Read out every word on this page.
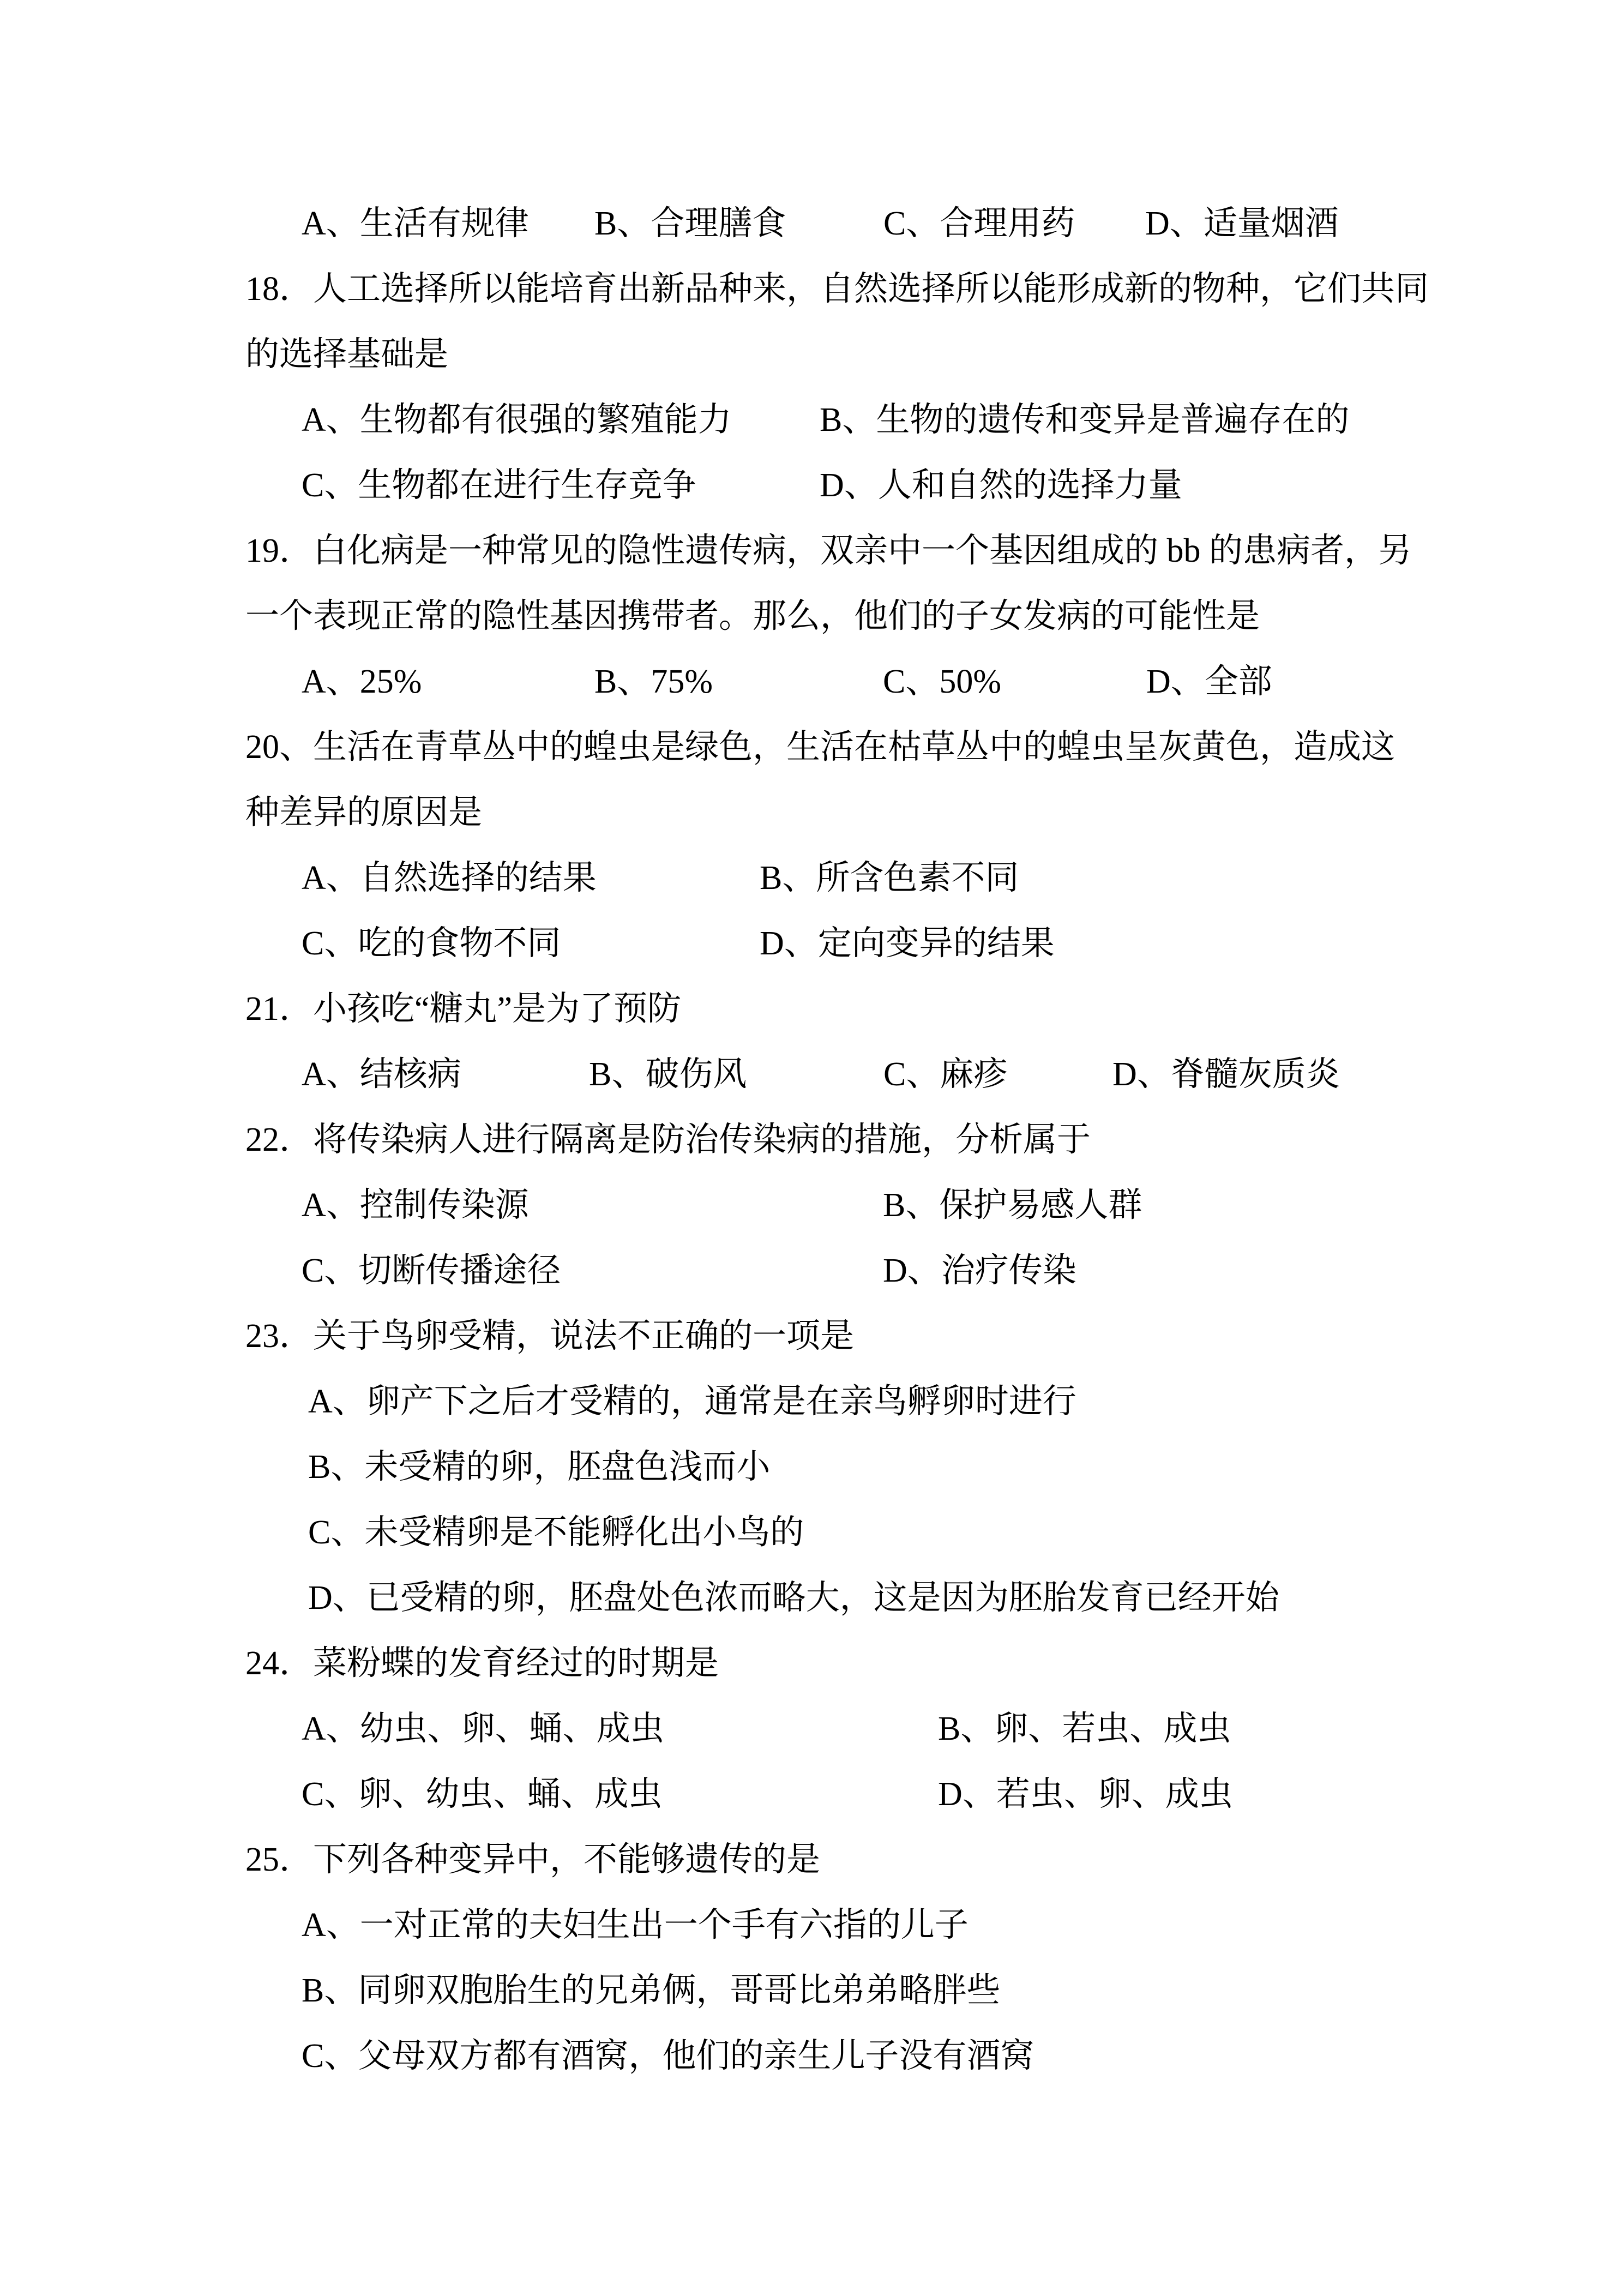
A、生活有规律 B、合理膳食	C、合理用药 D、适量烟酒
18．人工选择所以能培育出新品种来，自然选择所以能形成新的物种，它们共同
的选择基础是
A、生物都有很强的繁殖能力	B、生物的遗传和变异是普遍存在的
C、生物都在进行生存竞争	D、人和自然的选择力量
19．白化病是一种常见的隐性遗传病，双亲中一个基因组成的 bb 的患病者，另
一个表现正常的隐性基因携带者。那么，他们的子女发病的可能性是
A、25%	B、75%	C、50%	D、全部
20、生活在青草丛中的蝗虫是绿色，生活在枯草丛中的蝗虫呈灰黄色，造成这
种差异的原因是
A、自然选择的结果	B、所含色素不同
C、吃的食物不同	D、定向变异的结果
21．小孩吃“糖丸”是为了预防
A、结核病	B、破伤风	C、麻疹	D、脊髓灰质炎
22．将传染病人进行隔离是防治传染病的措施，分析属于
A、控制传染源	B、保护易感人群
C、切断传播途径	D、治疗传染
23．关于鸟卵受精，说法不正确的一项是
A、卵产下之后才受精的，通常是在亲鸟孵卵时进行
B、未受精的卵，胚盘色浅而小
C、未受精卵是不能孵化出小鸟的
D、已受精的卵，胚盘处色浓而略大，这是因为胚胎发育已经开始
24．菜粉蝶的发育经过的时期是
A、幼虫、卵、蛹、成虫	B、卵、若虫、成虫
C、卵、幼虫、蛹、成虫	D、若虫、卵、成虫
25．下列各种变异中，不能够遗传的是
A、一对正常的夫妇生出一个手有六指的儿子
B、同卵双胞胎生的兄弟俩，哥哥比弟弟略胖些
C、父母双方都有酒窝，他们的亲生儿子没有酒窝
